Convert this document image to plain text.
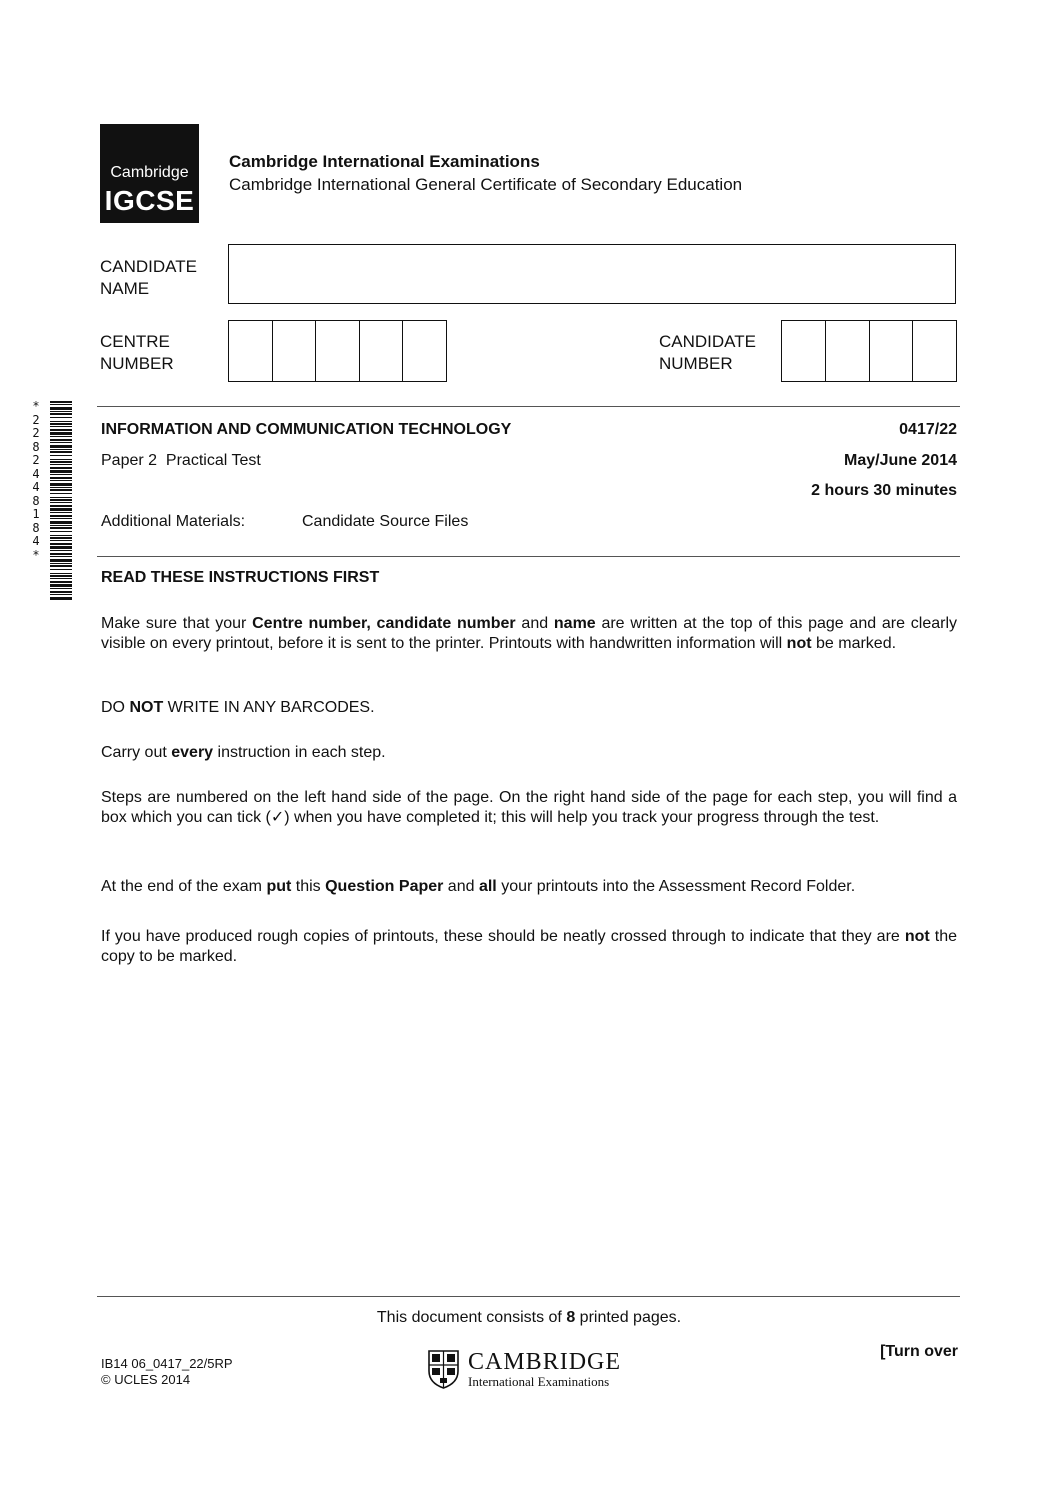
Cambridge
IGCSE
Cambridge International Examinations
Cambridge International General Certificate of Secondary Education
CANDIDATE
NAME
CENTRE
NUMBER
CANDIDATE
NUMBER
*
2
2
8
2
4
4
8
1
8
4
*
INFORMATION AND COMMUNICATION TECHNOLOGY	0417/22
Paper 2  Practical Test	May/June 2014
2 hours 30 minutes
Additional Materials:	Candidate Source Files
READ THESE INSTRUCTIONS FIRST
Make sure that your Centre number, candidate number and name are written at the top of this page and are clearly visible on every printout, before it is sent to the printer. Printouts with handwritten information will not be marked.
DO NOT WRITE IN ANY BARCODES.
Carry out every instruction in each step.
Steps are numbered on the left hand side of the page. On the right hand side of the page for each step, you will find a box which you can tick (✓) when you have completed it; this will help you track your progress through the test.
At the end of the exam put this Question Paper and all your printouts into the Assessment Record Folder.
If you have produced rough copies of printouts, these should be neatly crossed through to indicate that they are not the copy to be marked.
This document consists of 8 printed pages.
IB14 06_0417_22/5RP
© UCLES 2014
CAMBRIDGE
International Examinations
[Turn over
